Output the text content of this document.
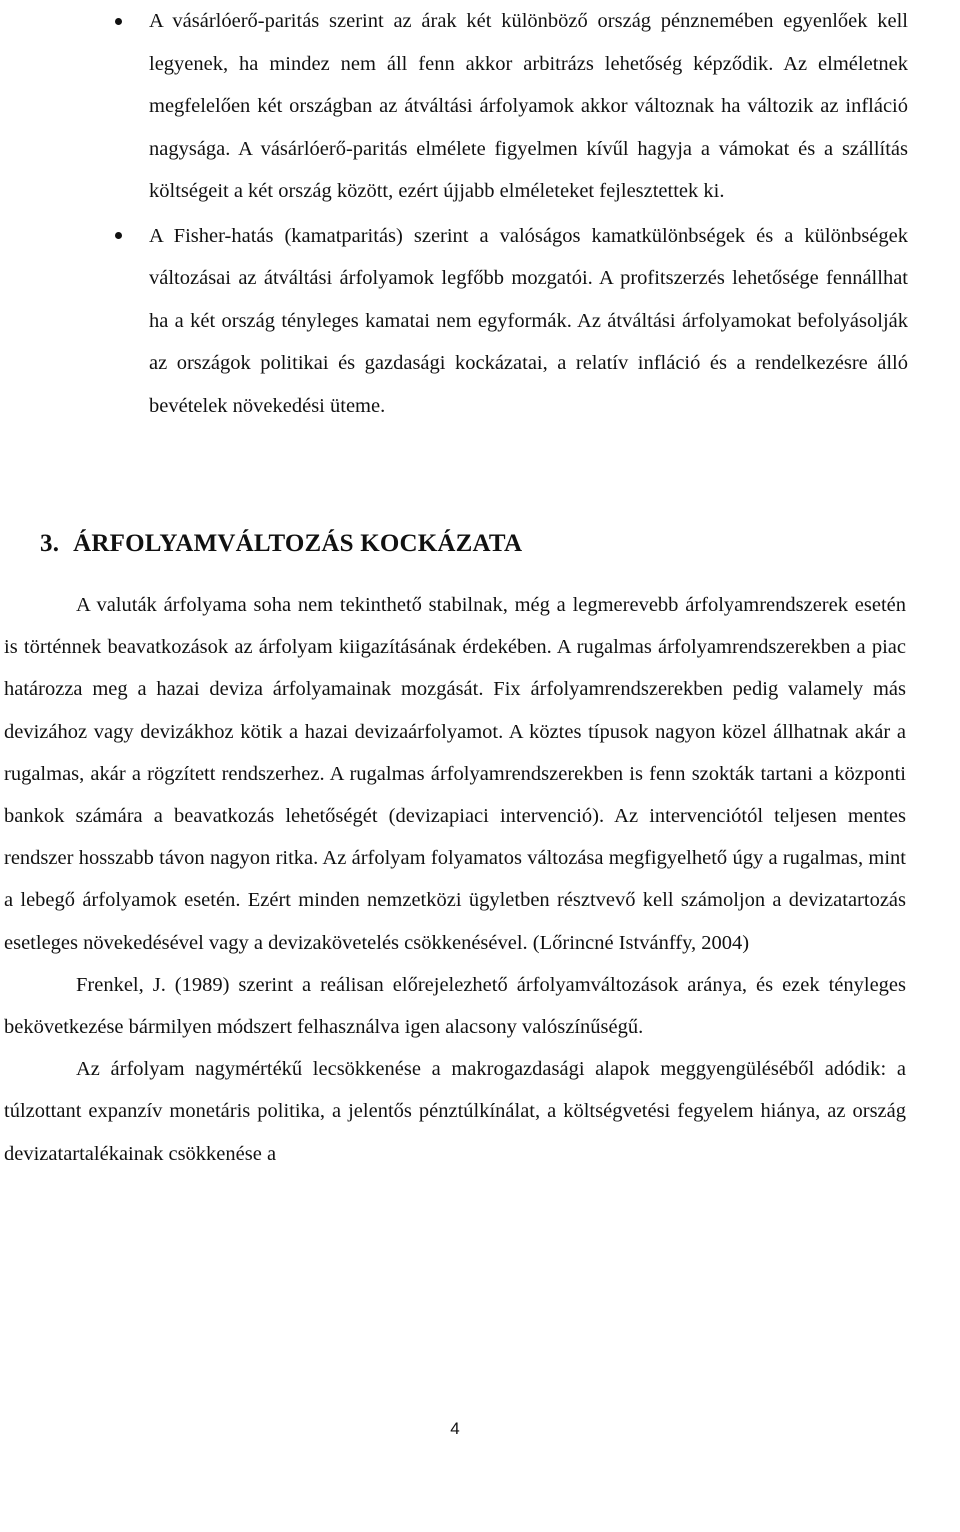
A vásárlóerő-paritás szerint az árak két különböző ország pénznemében egyenlőek kell legyenek, ha mindez nem áll fenn akkor arbitrázs lehetőség képződik. Az elméletnek megfelelően két országban az átváltási árfolyamok akkor változnak ha változik az infláció nagysága. A vásárlóerő-paritás elmélete figyelmen kívűl hagyja a vámokat és a szállítás költségeit a két ország között, ezért újjabb elméleteket fejlesztettek ki.
A Fisher-hatás (kamatparitás) szerint a valóságos kamatkülönbségek és a különbségek változásai az átváltási árfolyamok legfőbb mozgatói. A profitszerzés lehetősége fennállhat ha a két ország tényleges kamatai nem egyformák. Az átváltási árfolyamokat befolyásolják az országok politikai és gazdasági kockázatai, a relatív infláció és a rendelkezésre álló bevételek növekedési üteme.
3. ÁRFOLYAMVÁLTOZÁS KOCKÁZATA

A valuták árfolyama soha nem tekinthető stabilnak, még a legmerevebb árfolyamrendszerek esetén is történnek beavatkozások az árfolyam kiigazításának érdekében. A rugalmas árfolyamrendszerekben a piac határozza meg a hazai deviza árfolyamainak mozgását. Fix árfolyamrendszerekben pedig valamely más devizához vagy devizákhoz kötik a hazai devizaárfolyamot. A köztes típusok nagyon közel állhatnak akár a rugalmas, akár a rögzített rendszerhez. A rugalmas árfolyamrendszerekben is fenn szokták tartani a központi bankok számára a beavatkozás lehetőségét (devizapiaci intervenció). Az intervenciótól teljesen mentes rendszer hosszabb távon nagyon ritka. Az árfolyam folyamatos változása megfigyelhető úgy a rugalmas, mint a lebegő árfolyamok esetén. Ezért minden nemzetközi ügyletben résztvevő kell számoljon a devizatartozás esetleges növekedésével vagy a devizakövetelés csökkenésével. (Lőrincné Istvánffy, 2004)

Frenkel, J. (1989) szerint a reálisan előrejelezhető árfolyamváltozások aránya, és ezek tényleges bekövetkezése bármilyen módszert felhasználva igen alacsony valószínűségű.

Az árfolyam nagymértékű lecsökkenése a makrogazdasági alapok meggyengüléséből adódik: a túlzottant expanzív monetáris politika, a jelentős pénztúlkínálat, a költségvetési fegyelem hiánya, az ország devizatartalékainak csökkenése a

4
